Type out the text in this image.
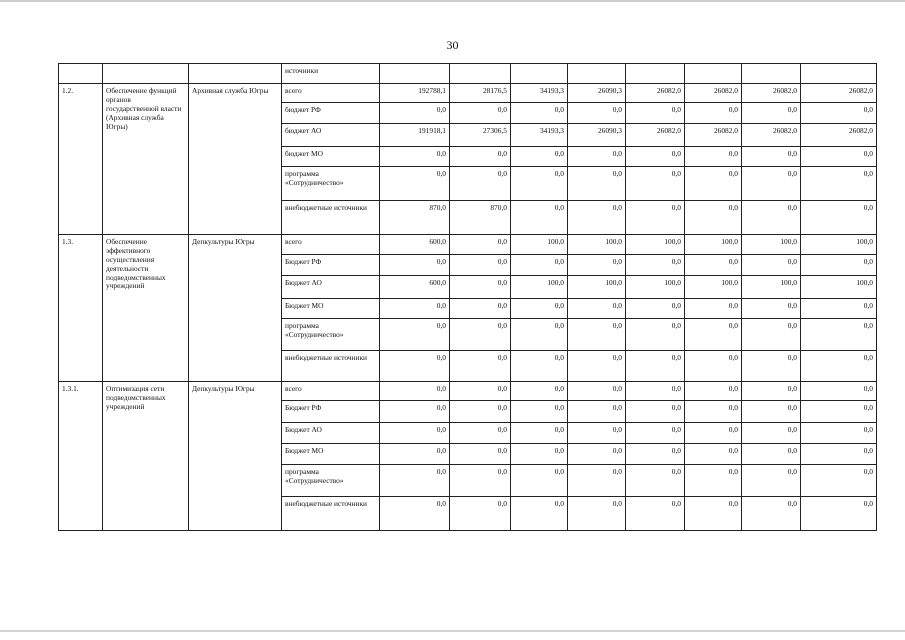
30
			источники								
1.2.	Обеспечение функций органов государственной власти (Архивная служба Югры)	Архивная служба Югры	всего	192788,1	28176,5	34193,3	26090,3	26082,0	26082,0	26082,0	26082,0
			бюджет РФ	0,0	0,0	0,0	0,0	0,0	0,0	0,0	0,0
			бюджет АО	191918,1	27306,5	34193,3	26090,3	26082,0	26082,0	26082,0	26082,0
			бюджет МО	0,0	0,0	0,0	0,0	0,0	0,0	0,0	0,0
			программа «Сотрудничество»	0,0	0,0	0,0	0,0	0,0	0,0	0,0	0,0
			внебюджетные источники	870,0	870,0	0,0	0,0	0,0	0,0	0,0	0,0
1.3.	Обеспечение эффективного осуществления деятельности подведомственных учреждений	Депкультуры Югры	всего	600,0	0,0	100,0	100,0	100,0	100,0	100,0	100,0
			Бюджет РФ	0,0	0,0	0,0	0,0	0,0	0,0	0,0	0,0
			Бюджет АО	600,0	0,0	100,0	100,0	100,0	100,0	100,0	100,0
			Бюджет МО	0,0	0,0	0,0	0,0	0,0	0,0	0,0	0,0
			программа «Сотрудничество»	0,0	0,0	0,0	0,0	0,0	0,0	0,0	0,0
			внебюджетные источники	0,0	0,0	0,0	0,0	0,0	0,0	0,0	0,0
1.3.1.	Оптимизация сети подведомственных учреждений	Депкультуры Югры	всего	0,0	0,0	0,0	0,0	0,0	0,0	0,0	0,0
			Бюджет РФ	0,0	0,0	0,0	0,0	0,0	0,0	0,0	0,0
			Бюджет АО	0,0	0,0	0,0	0,0	0,0	0,0	0,0	0,0
			Бюджет МО	0,0	0,0	0,0	0,0	0,0	0,0	0,0	0,0
			программа «Сотрудничество»	0,0	0,0	0,0	0,0	0,0	0,0	0,0	0,0
			внебюджетные источники	0,0	0,0	0,0	0,0	0,0	0,0	0,0	0,0
